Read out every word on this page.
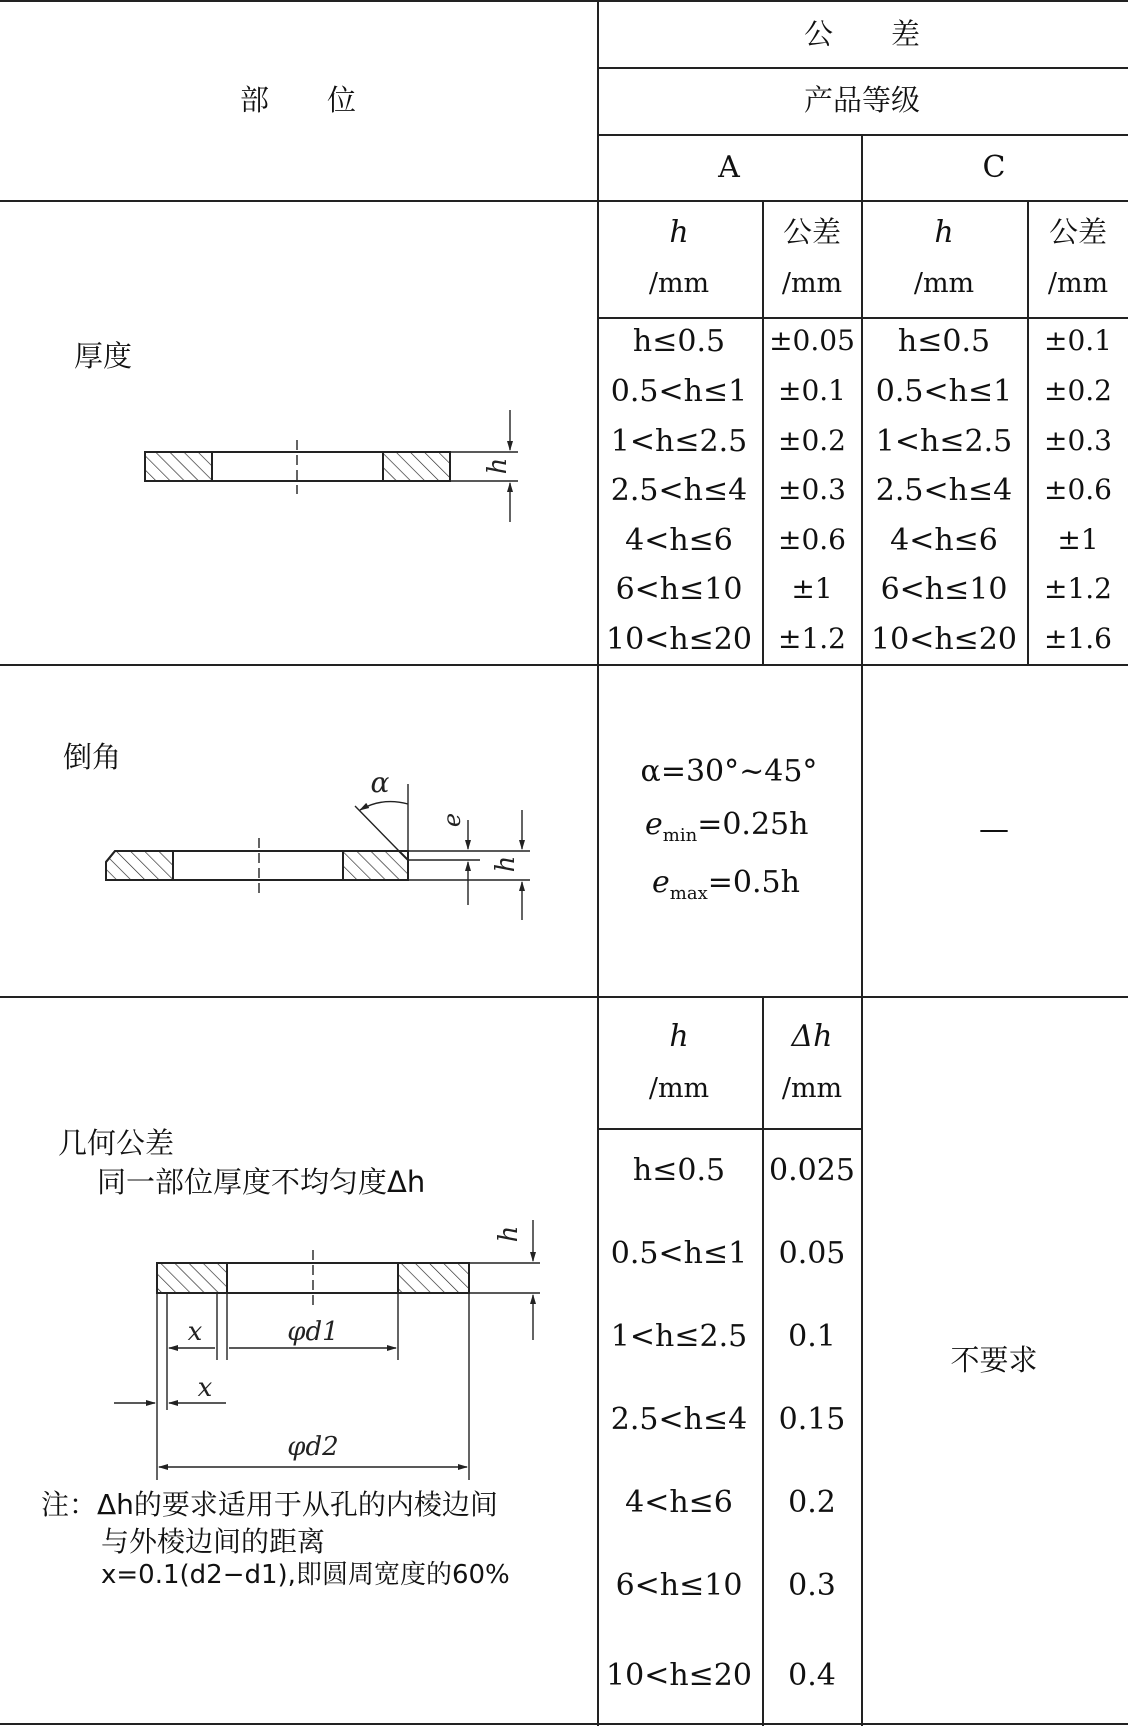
部　　位
公　　差
产品等级
A	C
厚度
h
/mm
公差
/mm
h
/mm
公差
/mm
h≤0.5 ±0.05
0.5<h≤1 ±0.1
1<h≤2.5 ±0.2
2.5<h≤4 ±0.3
4<h≤6 ±0.6
6<h≤10 ±1
10<h≤20 ±1.2
h≤0.5 ±0.1
0.5<h≤1 ±0.2
1<h≤2.5 ±0.3
2.5<h≤4 ±0.6
4<h≤6 ±1
6<h≤10 ±1.2
10<h≤20 ±1.6
倒角	α=30°~45°
$e_{min}=0.25h$
$e_{max}=0.5h$
—
几何公差
同一部位厚度不均匀度Δh
h
/mm
Δh
/mm
h≤0.5 0.025
0.5<h≤1 0.05
1<h≤2.5 0.1
2.5<h≤4 0.15
4<h≤6 0.2
6<h≤10 0.3
10<h≤20 0.4
不要求
注：Δh的要求适用于从孔的内棱边间
与外棱边间的距离
x=0.1(d2−d1),即圆周宽度的60%
h
α
e
h
h
x
x
φd1
φd2
